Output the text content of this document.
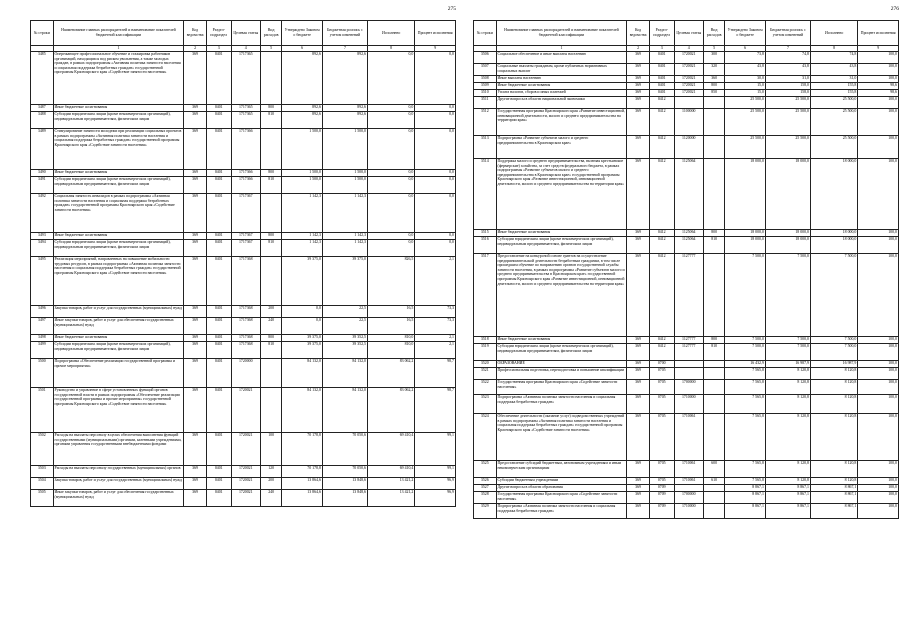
275
№ строки	Наименование главных распорядителей и наименование показателей бюджетной классификации	Код ведомства	Раздел-подраздел	Целевая статья	Вид расходов	Утверждено Законом о бюджете	Бюджетная роспись с учетом изменений	Исполнено	Процент исполнения
	1	2	3	4	5	6	7	8	9
3485	Опережающее профессиональное обучение и стажировка работников организаций, находящихся под риском увольнения, а также молодых граждан, в рамках подпрограммы «Активная политика занятости населения и социальная поддержка безработных граждан» государственной программы Красноярского края «Содействие занятости населения»	369	0401	1717365		892,6	892,6	0,0	0,0
3487	Иные бюджетные ассигнования	369	0401	1717365	800	892,6	892,6	0,0	0,0
3488	Субсидии юридическим лицам (кроме некоммерческих организаций), индивидуальным предпринимателям, физическим лицам	369	0401	1717365	810	892,6	892,6	0,0	0,0
3489	Стимулирование занятости молодежи при реализации социальных проектов в рамках подпрограммы «Активная политика занятости населения и социальная поддержка безработных граждан» государственной программы Красноярского края «Содействие занятости населения»	369	0401	1717366		1 500,0	1 500,0	0,0	0,0
3490	Иные бюджетные ассигнования	369	0401	1717366	800	1 500,0	1 500,0	0,0	0,0
3491	Субсидии юридическим лицам (кроме некоммерческих организаций), индивидуальным предпринимателям, физическим лицам	369	0401	1717366	810	1 500,0	1 500,0	0,0	0,0
3492	Социальная занятость инвалидов в рамках подпрограммы «Активная политика занятости населения и социальная поддержка безработных граждан» государственной программы Красноярского края «Содействие занятости населения»	369	0401	1717367		1 142,3	1 142,3	0,0	0,0
3493	Иные бюджетные ассигнования	369	0401	1717367	800	1 142,3	1 142,3	0,0	0,0
3494	Субсидии юридическим лицам (кроме некоммерческих организаций), индивидуальным предпринимателям, физическим лицам	369	0401	1717367	810	1 142,3	1 142,3	0,0	0,0
3495	Реализация мероприятий, направленных на повышение мобильности трудовых ресурсов, в рамках подпрограммы «Активная политика занятости населения и социальная поддержка безработных граждан» государственной программы Красноярского края «Содействие занятости населения»	369	0401	1717368		39 375,0	39 375,0	826,5	2,1
3496	Закупка товаров, работ и услуг для государственных (муниципальных) нужд	369	0401	1717368	200	0,0	22,5	16,5	73,3
3497	Иные закупки товаров, работ и услуг для обеспечения государственных (муниципальных) нужд	369	0401	1717368	240	0,0	22,5	16,5	73,3
3498	Иные бюджетные ассигнования	369	0401	1717368	800	39 375,0	39 352,5	810,0	2,1
3499	Субсидии юридическим лицам (кроме некоммерческих организаций), индивидуальным предпринимателям, физическим лицам	369	0401	1717368	810	39 375,0	39 352,5	810,0	2,1
3500	Подпрограмма «Обеспечение реализации государственной программы и прочие мероприятия»	369	0401	1720000		84 132,0	84 132,0	83 062,2	98,7
3501	Руководство и управление в сфере установленных функций органов государственной власти в рамках подпрограммы «Обеспечение реализации государственной программы и прочие мероприятия» государственной программы Красноярского края «Содействие занятости населения»	369	0401	1720021		84 132,0	84 132,0	83 062,2	98,7
3502	Расходы на выплаты персоналу в целях обеспечения выполнения функций государственными (муниципальными) органами, казенными учреждениями, органами управления государственными внебюджетными фондами	369	0401	1720021	100	70 178,8	70 050,6	69 410,4	99,1
3503	Расходы на выплаты персоналу государственных (муниципальных) органов	369	0401	1720021	120	70 178,8	70 050,6	69 410,4	99,1
3504	Закупка товаров, работ и услуг для государственных (муниципальных) нужд	369	0401	1720021	200	13 864,6	13 848,6	13 421,2	96,9
3505	Иные закупки товаров, работ и услуг для обеспечения государственных (муниципальных) нужд	369	0401	1720021	240	13 864,6	13 848,6	13 421,2	96,9
276
№ строки	Наименование главных распорядителей и наименование показателей бюджетной классификации	Код ведомства	Раздел-подраздел	Целевая статья	Вид расходов	Утверждено Законом о бюджете	Бюджетная роспись с учетом изменений	Исполнено	Процент исполнения
	1	2	3	4	5	6	7	8	9
3506	Социальное обеспечение и иные выплаты населению	369	0401	1720021	300	73,8	74,8	74,8	100,0
3507	Социальные выплаты гражданам, кроме публичных нормативных социальных выплат	369	0401	1720021	320	43,8	43,8	43,8	100,0
3508	Иные выплаты населению	369	0401	1720021	360	30,0	31,0	31,0	100,0
3509	Иные бюджетные ассигнования	369	0401	1720021	800	15,0	158,0	155,8	98,6
3510	Уплата налогов, сборов и иных платежей	369	0401	1720021	850	15,0	158,0	155,8	98,6
3511	Другие вопросы в области национальной экономики	369	0412			25 500,0	25 500,0	25 500,0	100,0
3512	Государственная программа Красноярского края «Развитие инвестиционной, инновационной деятельности, малого и среднего предпринимательства на территории края»	369	0412	1100000		25 500,0	25 500,0	25 500,0	100,0
3513	Подпрограмма «Развитие субъектов малого и среднего предпринимательства в Красноярском крае»	369	0412	1120000		25 500,0	25 500,0	25 500,0	100,0
3514	Поддержка малого и среднего предпринимательства, включая крестьянские (фермерские) хозяйства, за счет средств федерального бюджета, в рамках подпрограммы «Развитие субъектов малого и среднего предпринимательства в Красноярском крае» государственной программы Красноярского края «Развитие инвестиционной, инновационной деятельности, малого и среднего предпринимательства на территории края»	369	0412	1125064		18 000,0	18 000,0	18 000,0	100,0
3515	Иные бюджетные ассигнования	369	0412	1125064	800	18 000,0	18 000,0	18 000,0	100,0
3516	Субсидии юридическим лицам (кроме некоммерческих организаций), индивидуальным предпринимателям, физическим лицам	369	0412	1125064	810	18 000,0	18 000,0	18 000,0	100,0
3517	Предоставление на конкурсной основе грантов на осуществление предпринимательской деятельности безработным гражданам, в том числе прошедшим обучение по направлению органов государственной службы занятости населения, в рамках подпрограммы «Развитие субъектов малого и среднего предпринимательства в Красноярском крае» государственной программы Красноярского края «Развитие инвестиционной, инновационной деятельности, малого и среднего предпринимательства на территории края»	369	0412	1127777		7 500,0	7 500,0	7 500,0	100,0
3518	Иные бюджетные ассигнования	369	0412	1127777	800	7 500,0	7 500,0	7 500,0	100,0
3519	Субсидии юридическим лицам (кроме некоммерческих организаций), индивидуальным предпринимателям, физическим лицам	369	0412	1127777	810	7 500,0	7 500,0	7 500,0	100,0
3520	ОБРАЗОВАНИЕ	369	0700			16 432,9	16 987,9	16 987,9	100,0
3521	Профессиональная подготовка, переподготовка и повышение квалификации	369	0705			7 565,8	8 120,8	8 120,8	100,0
3522	Государственная программа Красноярского края «Содействие занятости населения»	369	0705	1700000		7 565,8	8 120,8	8 120,8	100,0
3523	Подпрограмма «Активная политика занятости населения и социальная поддержка безработных граждан»	369	0705	1710000		7 565,8	8 120,8	8 120,8	100,0
3524	Обеспечение деятельности (оказание услуг) подведомственных учреждений в рамках подпрограммы «Активная политика занятости населения и социальная поддержка безработных граждан» государственной программы Красноярского края «Содействие занятости населения»	369	0705	1710061		7 565,8	8 120,8	8 120,8	100,0
3525	Предоставление субсидий бюджетным, автономным учреждениям и иным некоммерческим организациям	369	0705	1710061	600	7 565,8	8 120,8	8 120,8	100,0
3526	Субсидии бюджетным учреждениям	369	0705	1710061	610	7 565,8	8 120,8	8 120,8	100,0
3527	Другие вопросы в области образования	369	0709			8 867,1	8 867,1	8 867,1	100,0
3528	Государственная программа Красноярского края «Содействие занятости населения»	369	0709	1700000		8 867,1	8 867,1	8 867,1	100,0
3529	Подпрограмма «Активная политика занятости населения и социальная поддержка безработных граждан»	369	0709	1710000		8 867,1	8 867,1	8 867,1	100,0
